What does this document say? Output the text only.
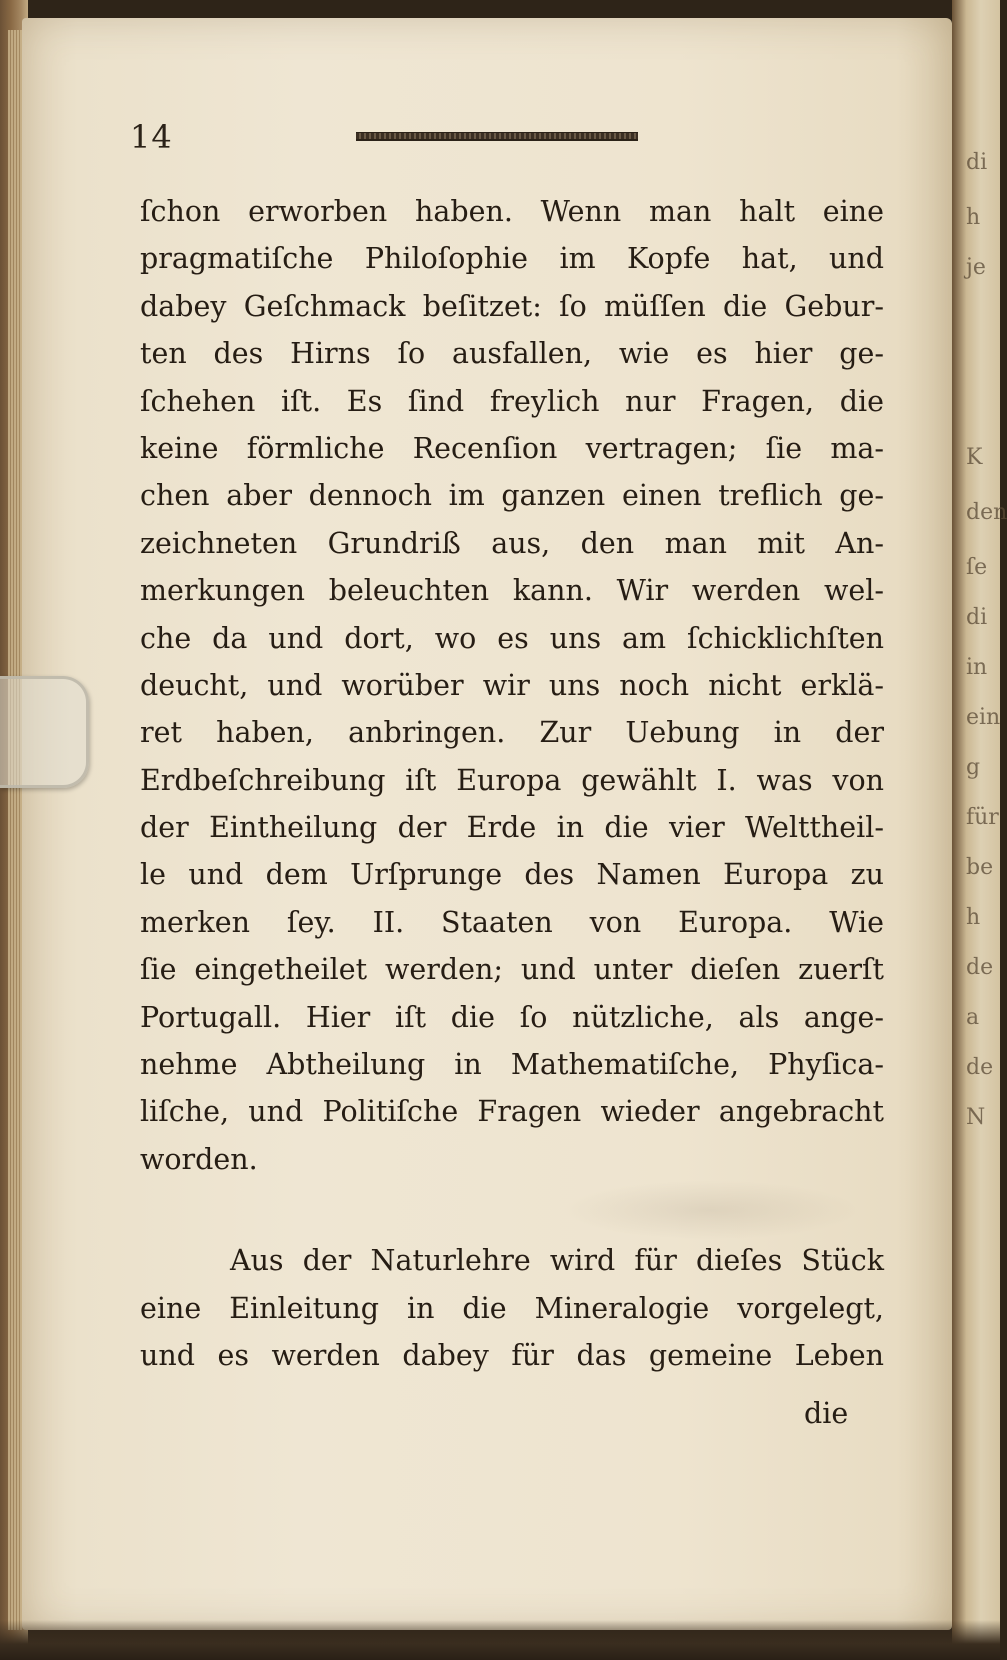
di
h
je
K
den
ſe
di
in
ein
g
für
be
h
de
a
de
N
14
ſchon erworben haben. Wenn man halt eine
pragmatiſche Philoſophie im Kopfe hat, und
dabey Geſchmack beſitzet: ſo müſſen die Gebur-
ten des Hirns ſo ausfallen, wie es hier ge-
ſchehen iſt. Es ſind freylich nur Fragen, die
keine förmliche Recenſion vertragen; ſie ma-
chen aber dennoch im ganzen einen treflich ge-
zeichneten Grundriß aus, den man mit An-
merkungen beleuchten kann. Wir werden wel-
che da und dort, wo es uns am ſchicklichſten
deucht, und worüber wir uns noch nicht erklä-
ret haben, anbringen. Zur Uebung in der
Erdbeſchreibung iſt Europa gewählt I. was von
der Eintheilung der Erde in die vier Welttheil-
le und dem Urſprunge des Namen Europa zu
merken ſey. II. Staaten von Europa. Wie
ſie eingetheilet werden; und unter dieſen zuerſt
Portugall. Hier iſt die ſo nützliche, als ange-
nehme Abtheilung in Mathematiſche, Phyſica-
liſche, und Politiſche Fragen wieder angebracht
worden.
Aus der Naturlehre wird für dieſes Stück
eine Einleitung in die Mineralogie vorgelegt,
und es werden dabey für das gemeine Leben
die
